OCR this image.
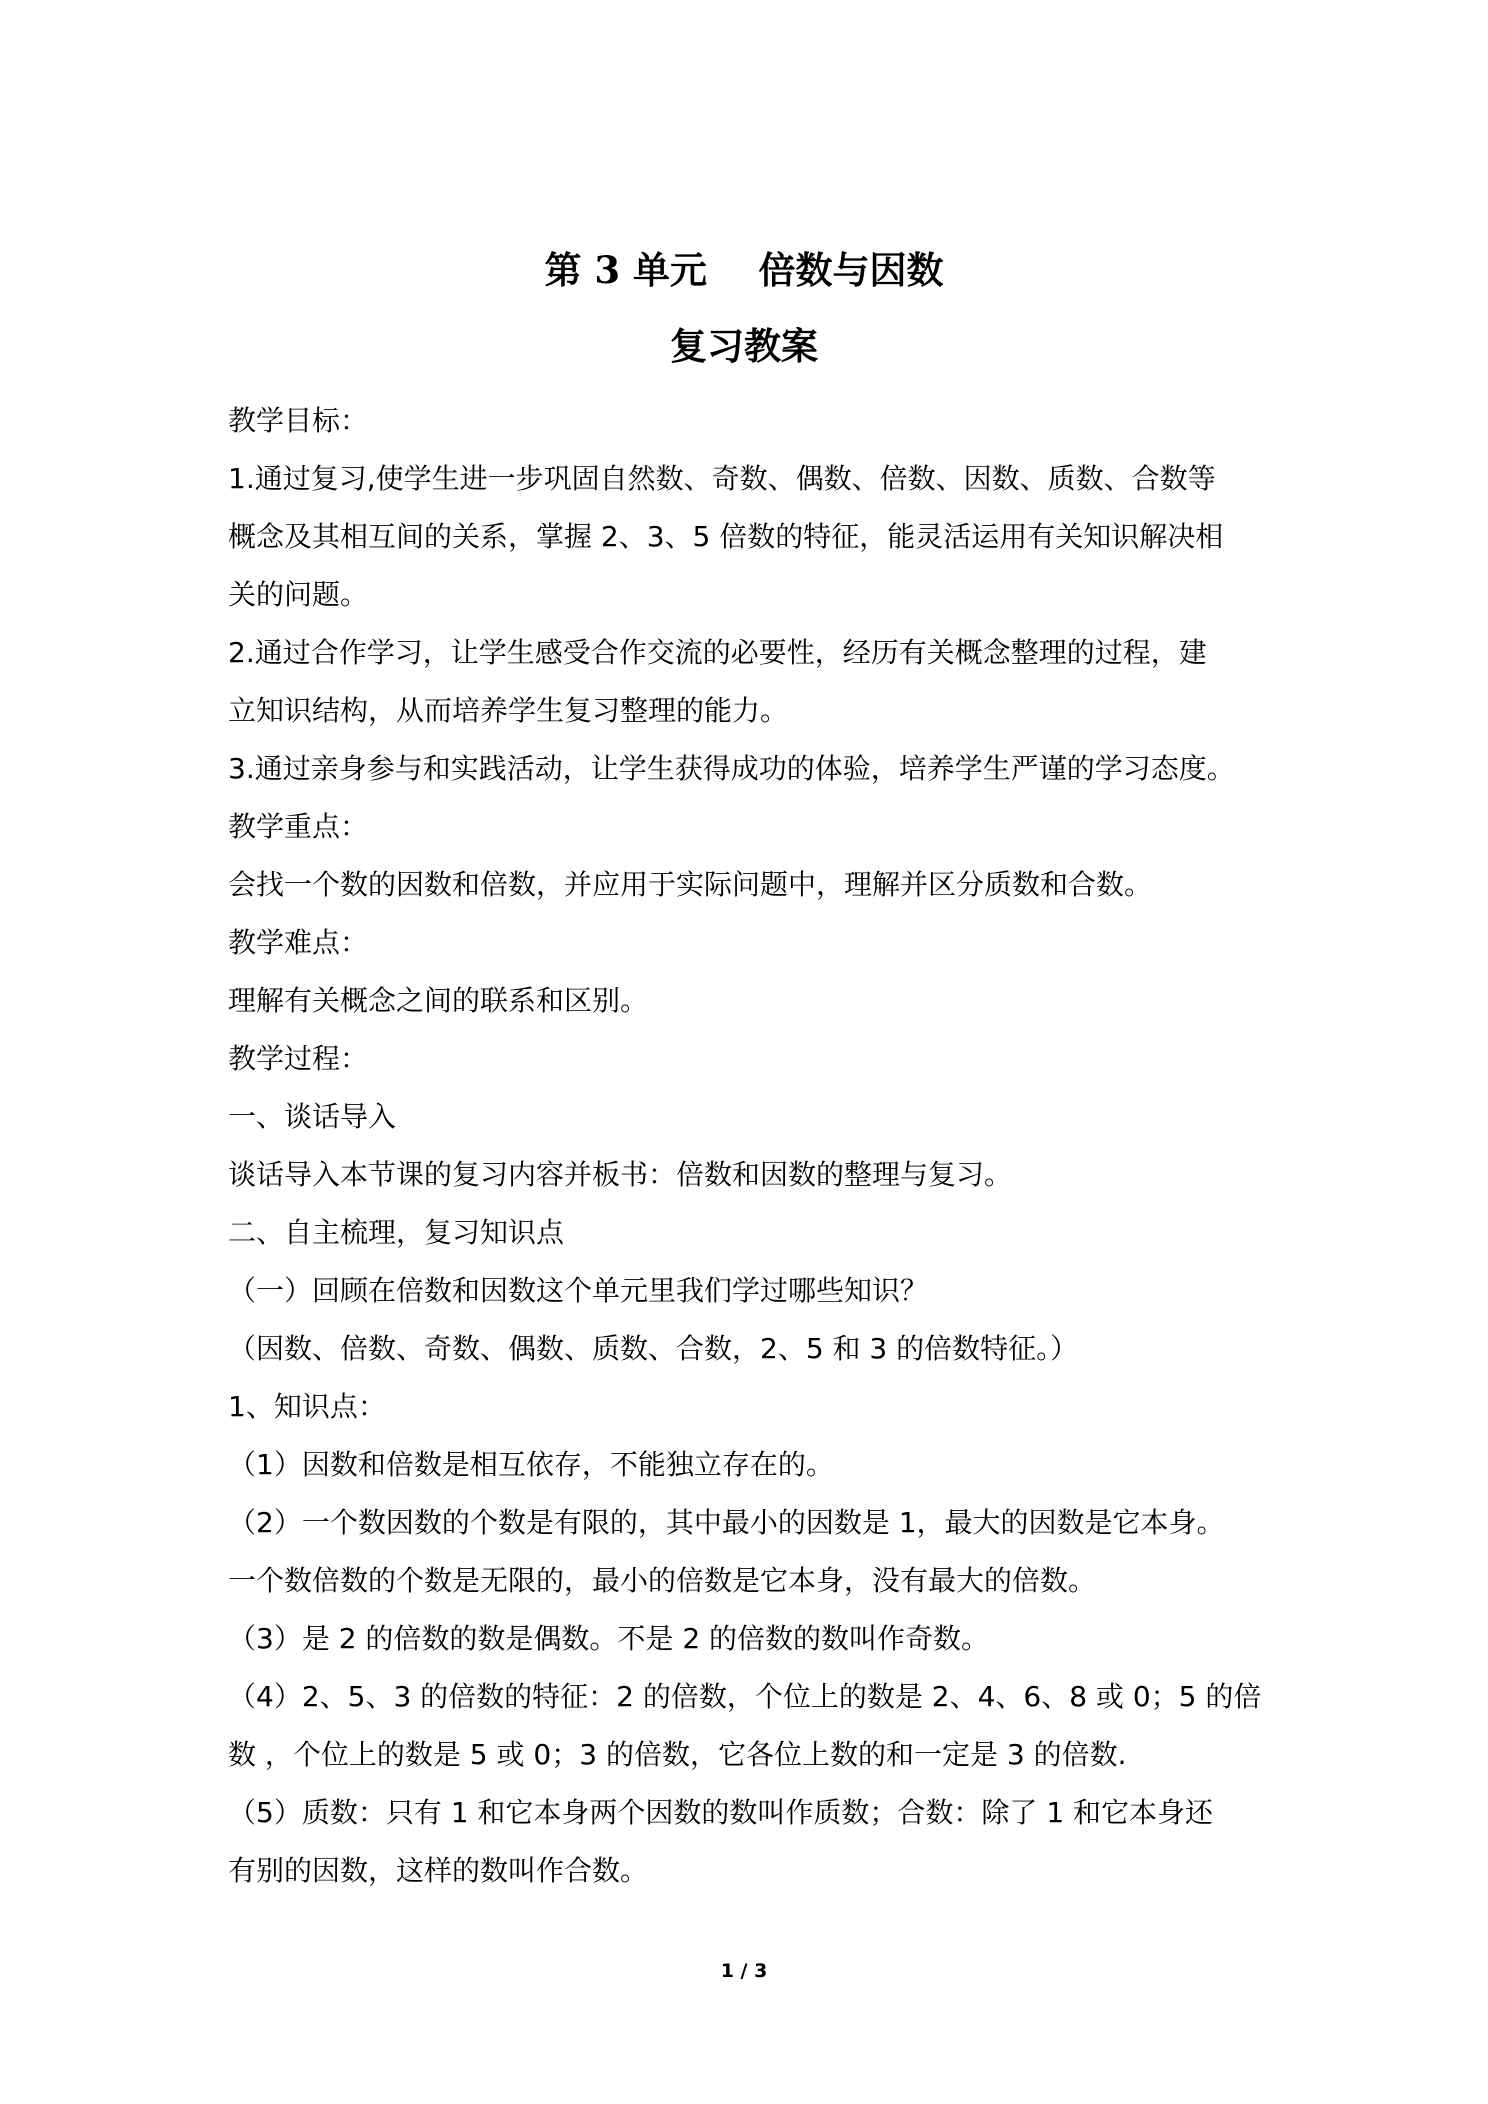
第 3 单元    倍数与因数
复习教案
教学目标：
1.通过复习,使学生进一步巩固自然数、奇数、偶数、倍数、因数、质数、合数等
概念及其相互间的关系，掌握 2、3、5 倍数的特征，能灵活运用有关知识解决相
关的问题。
2.通过合作学习，让学生感受合作交流的必要性，经历有关概念整理的过程，建
立知识结构，从而培养学生复习整理的能力。
3.通过亲身参与和实践活动，让学生获得成功的体验，培养学生严谨的学习态度。
教学重点：
会找一个数的因数和倍数，并应用于实际问题中，理解并区分质数和合数。
教学难点：
理解有关概念之间的联系和区别。
教学过程：
一、谈话导入
谈话导入本节课的复习内容并板书：倍数和因数的整理与复习。
二、自主梳理，复习知识点
（一）回顾在倍数和因数这个单元里我们学过哪些知识？
（因数、倍数、奇数、偶数、质数、合数，2、5 和 3 的倍数特征。）
1、知识点：
（1）因数和倍数是相互依存，不能独立存在的。
（2）一个数因数的个数是有限的，其中最小的因数是 1，最大的因数是它本身。
一个数倍数的个数是无限的，最小的倍数是它本身，没有最大的倍数。
（3）是 2 的倍数的数是偶数。不是 2 的倍数的数叫作奇数。
（4）2、5、3 的倍数的特征：2 的倍数，个位上的数是 2、4、6、8 或 0；5 的倍
数 ，个位上的数是 5 或 0；3 的倍数，它各位上数的和一定是 3 的倍数.
（5）质数：只有 1 和它本身两个因数的数叫作质数；合数：除了 1 和它本身还
有别的因数，这样的数叫作合数。
1 / 3
